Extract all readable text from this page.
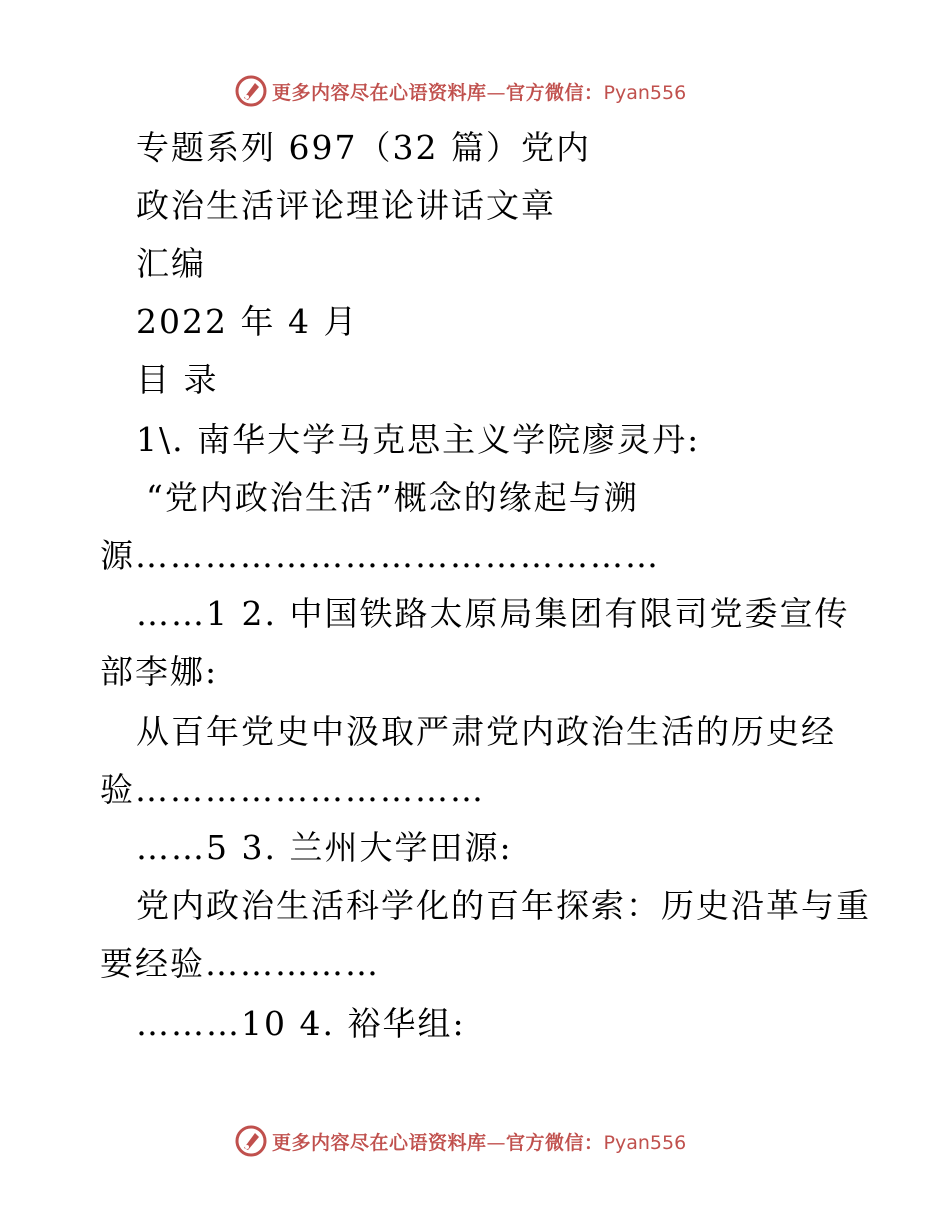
更多内容尽在心语资料库—官方微信：Pyan556
专题系列 697（32 篇）党内
政治生活评论理论讲话文章
汇编
2022 年 4 月
目 录
1\. 南华大学马克思主义学院廖灵丹:
“党内政治生活”概念的缘起与溯
源………………………………………
……1 2. 中国铁路太原局集团有限司党委宣传
部李娜:
从百年党史中汲取严肃党内政治生活的历史经
验…………………………
……5 3. 兰州大学田源:
党内政治生活科学化的百年探索：历史沿革与重
要经验……………
………10 4. 裕华组:
更多内容尽在心语资料库—官方微信：Pyan556
